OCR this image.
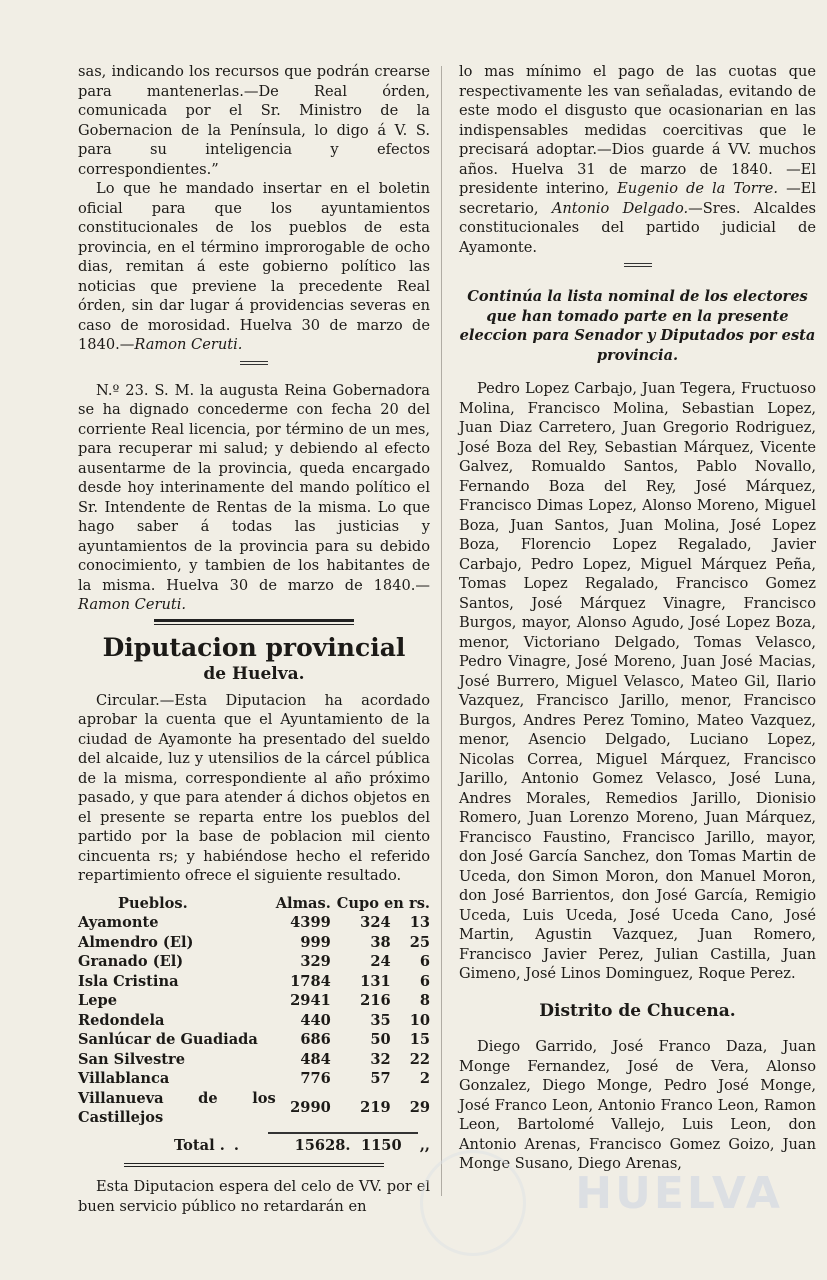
sas, indicando los recursos que podrán crearse para mantenerlas.—De Real órden, comunicada por el Sr. Ministro de la Gobernacion de la Península, lo digo á V. S. para su inteligencia y efectos correspondientes.”

Lo que he mandado insertar en el boletin oficial para que los ayuntamientos constitucionales de los pueblos de esta provincia, en el término improrogable de ocho dias, remitan á este gobierno político las noticias que previene la precedente Real órden, sin dar lugar á providencias severas en caso de morosidad. Huelva 30 de marzo de 1840.—Ramon Ceruti.

N.º 23. S. M. la augusta Reina Gobernadora se ha dignado concederme con fecha 20 del corriente Real licencia, por término de un mes, para recuperar mi salud; y debiendo al efecto ausentarme de la provincia, queda encargado desde hoy interinamente del mando político el Sr. Intendente de Rentas de la misma. Lo que hago saber á todas las justicias y ayuntamientos de la provincia para su debido conocimiento, y tambien de los habitantes de la misma. Huelva 30 de marzo de 1840.—Ramon Ceruti.

Diputacion provincial
de Huelva.

Circular.—Esta Diputacion ha acordado aprobar la cuenta que el Ayuntamiento de la ciudad de Ayamonte ha presentado del sueldo del alcaide, luz y utensilios de la cárcel pública de la misma, correspondiente al año próximo pasado, y que para atender á dichos objetos en el presente se reparta entre los pueblos del partido por la base de poblacion mil ciento cincuenta rs; y habiéndose hecho el referido repartimiento ofrece el siguiente resultado.

Pueblos.	Almas.	Cupo en rs.	
Ayamonte	4399	324	13
Almendro (El)	999	38	25
Granado (El)	329	24	6
Isla Cristina	1784	131	6
Lepe	2941	216	8
Redondela	440	35	10
Sanlúcar de Guadiada	686	50	15
San Silvestre	484	32	22
Villablanca	776	57	2
Villanueva de los Castillejos	2990	219	29
Total . .	15628.	1150	,,

Esta Diputacion espera del celo de VV. por el buen servicio público no retardarán en

lo mas mínimo el pago de las cuotas que respectivamente les van señaladas, evitando de este modo el disgusto que ocasionarian en las indispensables medidas coercitivas que le precisará adoptar.—Dios guarde á VV. muchos años. Huelva 31 de marzo de 1840. —El presidente interino, Eugenio de la Torre. —El secretario, Antonio Delgado.—Sres. Alcaldes constitucionales del partido judicial de Ayamonte.

Continúa la lista nominal de los electores que han tomado parte en la presente eleccion para Senador y Diputados por esta provincia.

Pedro Lopez Carbajo, Juan Tegera, Fructuoso Molina, Francisco Molina, Sebastian Lopez, Juan Diaz Carretero, Juan Gregorio Rodriguez, José Boza del Rey, Sebastian Márquez, Vicente Galvez, Romualdo Santos, Pablo Novallo, Fernando Boza del Rey, José Márquez, Francisco Dimas Lopez, Alonso Moreno, Miguel Boza, Juan Santos, Juan Molina, José Lopez Boza, Florencio Lopez Regalado, Javier Carbajo, Pedro Lopez, Miguel Márquez Peña, Tomas Lopez Regalado, Francisco Gomez Santos, José Márquez Vinagre, Francisco Burgos, mayor, Alonso Agudo, José Lopez Boza, menor, Victoriano Delgado, Tomas Velasco, Pedro Vinagre, José Moreno, Juan José Macias, José Burrero, Miguel Velasco, Mateo Gil, Ilario Vazquez, Francisco Jarillo, menor, Francisco Burgos, Andres Perez Tomino, Mateo Vazquez, menor, Asencio Delgado, Luciano Lopez, Nicolas Correa, Miguel Márquez, Francisco Jarillo, Antonio Gomez Velasco, José Luna, Andres Morales, Remedios Jarillo, Dionisio Romero, Juan Lorenzo Moreno, Juan Márquez, Francisco Faustino, Francisco Jarillo, mayor, don José García Sanchez, don Tomas Martin de Uceda, don Simon Moron, don Manuel Moron, don José Barrientos, don José García, Remigio Uceda, Luis Uceda, José Uceda Cano, José Martin, Agustin Vazquez, Juan Romero, Francisco Javier Perez, Julian Castilla, Juan Gimeno, José Linos Dominguez, Roque Perez.

Distrito de Chucena.

Diego Garrido, José Franco Daza, Juan Monge Fernandez, José de Vera, Alonso Gonzalez, Diego Monge, Pedro José Monge, José Franco Leon, Antonio Franco Leon, Ramon Leon, Bartolomé Vallejo, Luis Leon, don Antonio Arenas, Francisco Gomez Goizo, Juan Monge Susano, Diego Arenas,

HUELVA
